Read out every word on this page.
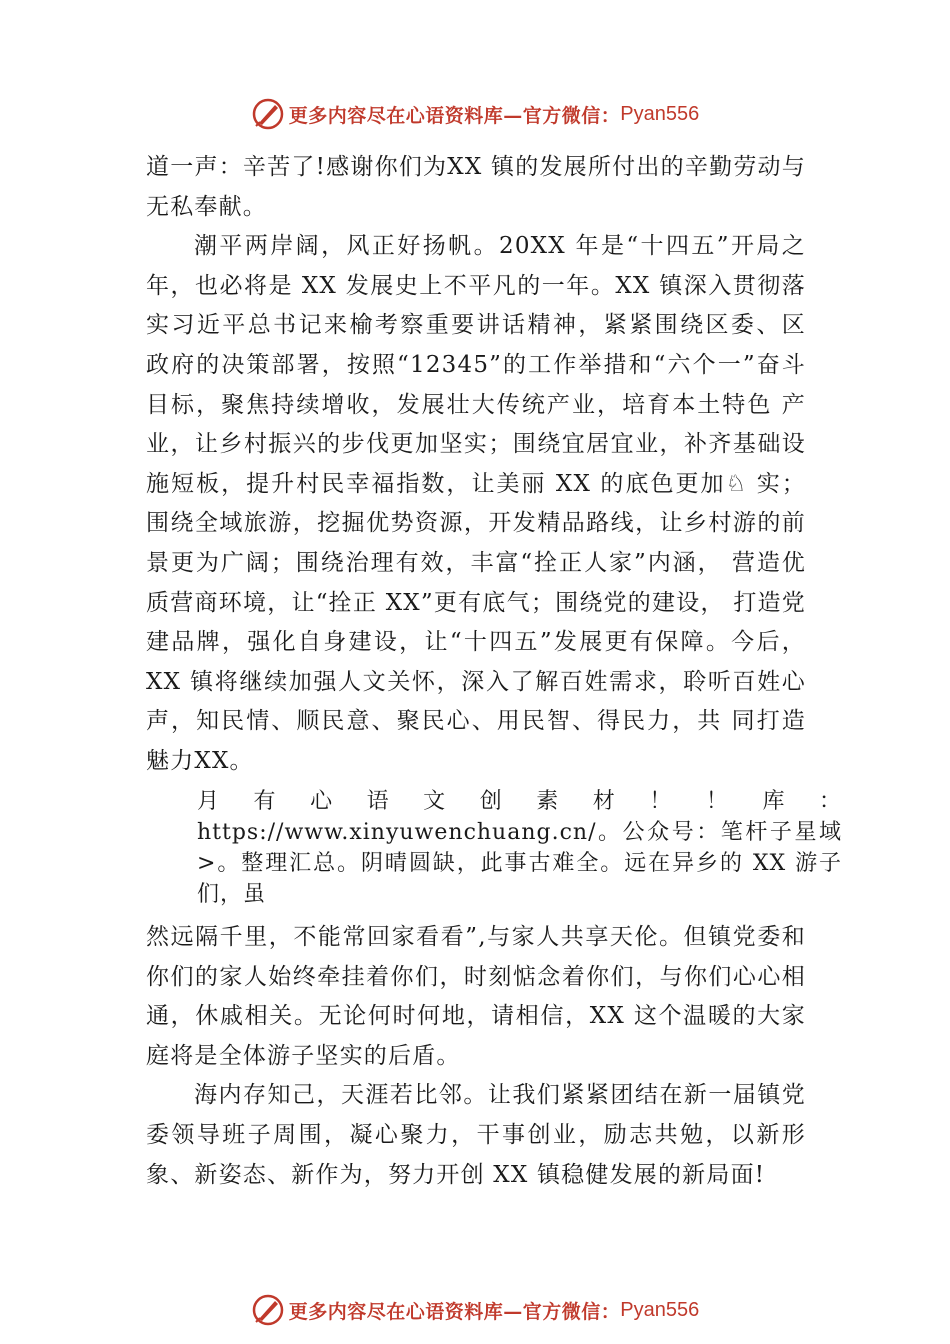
更多内容尽在心语资料库—官方微信： Pyan556

道一声：辛苦了!感谢你们为XX 镇的发展所付出的辛勤劳动与无私奉献。

潮平两岸阔，风正好扬帆。20XX 年是“十四五”开局之年，也必将是 XX 发展史上不平凡的一年。XX 镇深入贯彻落实习近平总书记来榆考察重要讲话精神，紧紧围绕区委、区 政府的决策部署，按照“12345”的工作举措和“六个一”奋斗目标，聚焦持续增收，发展壮大传统产业，培育本土特色 产业，让乡村振兴的步伐更加坚实；围绕宜居宜业，补齐基础设施短板，提升村民幸福指数，让美丽 XX 的底色更加♘ 实；围绕全域旅游，挖掘优势资源，开发精品路线，让乡村游的前景更为广阔；围绕治理有效，丰富“拴正人家”内涵， 营造优质营商环境，让“拴正 XX”更有底气；围绕党的建设， 打造党建品牌，强化自身建设，让“十四五”发展更有保障。今后，XX 镇将继续加强人文关怀，深入了解百姓需求，聆听百姓心声，知民情、顺民意、聚民心、用民智、得民力，共 同打造魅力XX。

月 有 心 语 文 创 素 材 ！ ！ 库 ： https://www.xinyuwenchuang.cn/。公众号：笔杆子星域>。整理汇总。阴晴圆缺，此事古难全。远在异乡的 XX 游子们，虽

然远隔千里，不能常回家看看”,与家人共享天伦。但镇党委和你们的家人始终牵挂着你们，时刻惦念着你们，与你们心心相通，休戚相关。无论何时何地，请相信，XX 这个温暖的大家庭将是全体游子坚实的后盾。

海内存知己，天涯若比邻。让我们紧紧团结在新一届镇党委领导班子周围，凝心聚力，干事创业，励志共勉，以新形象、新姿态、新作为，努力开创 XX 镇稳健发展的新局面!

更多内容尽在心语资料库—官方微信： Pyan556
